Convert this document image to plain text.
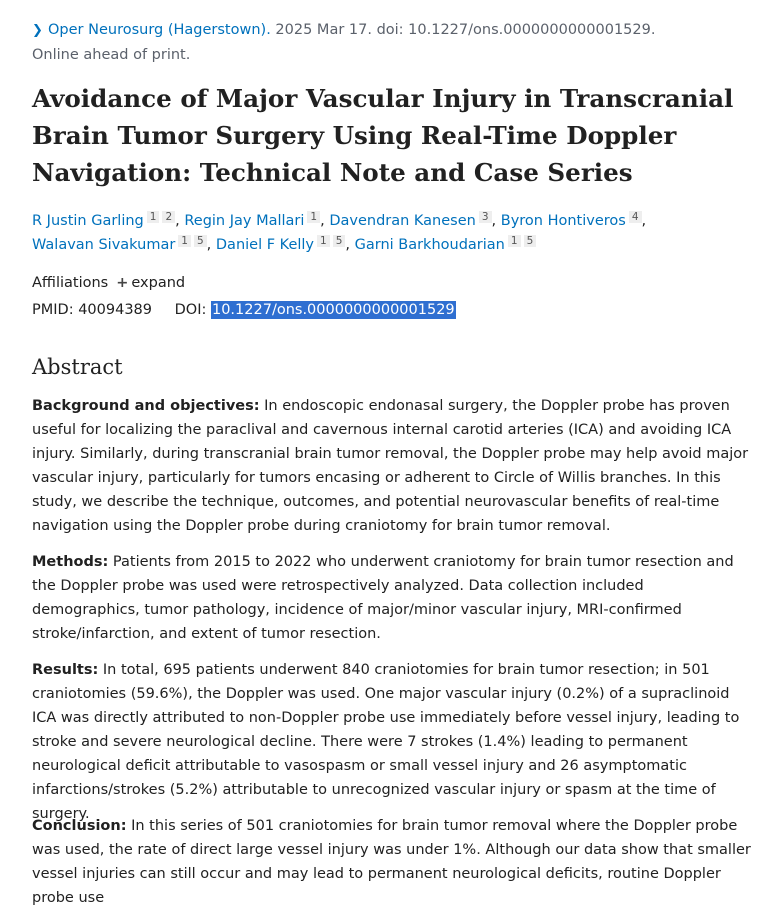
❯ Oper Neurosurg (Hagerstown). 2025 Mar 17. doi: 10.1227/ons.0000000000001529.
Online ahead of print.
Avoidance of Major Vascular Injury in Transcranial Brain Tumor Surgery Using Real-Time Doppler Navigation: Technical Note and Case Series
R Justin Garling $^1$ $^2$ , Regin Jay Mallari $^1$ , Davendran Kanesen $^3$ , Byron Hontiveros $^4$ ,
Walavan Sivakumar $^1$ $^5$ , Daniel F Kelly $^1$ $^5$ , Garni Barkhoudarian $^1$ $^5$
Affiliations + expand
PMID: 40094389 DOI: 10.1227/ons.0000000000001529
Abstract

Background and objectives: In endoscopic endonasal surgery, the Doppler probe has proven useful for localizing the paraclival and cavernous internal carotid arteries (ICA) and avoiding ICA injury. Similarly, during transcranial brain tumor removal, the Doppler probe may help avoid major vascular injury, particularly for tumors encasing or adherent to Circle of Willis branches. In this study, we describe the technique, outcomes, and potential neurovascular benefits of real-time navigation using the Doppler probe during craniotomy for brain tumor removal.

Methods: Patients from 2015 to 2022 who underwent craniotomy for brain tumor resection and the Doppler probe was used were retrospectively analyzed. Data collection included demographics, tumor pathology, incidence of major/minor vascular injury, MRI-confirmed stroke/infarction, and extent of tumor resection.

Results: In total, 695 patients underwent 840 craniotomies for brain tumor resection; in 501 craniotomies (59.6%), the Doppler was used. One major vascular injury (0.2%) of a supraclinoid ICA was directly attributed to non-Doppler probe use immediately before vessel injury, leading to stroke and severe neurological decline. There were 7 strokes (1.4%) leading to permanent neurological deficit attributable to vasospasm or small vessel injury and 26 asymptomatic infarctions/strokes (5.2%) attributable to unrecognized vascular injury or spasm at the time of surgery.

Conclusion: In this series of 501 craniotomies for brain tumor removal where the Doppler probe was used, the rate of direct large vessel injury was under 1%. Although our data show that smaller vessel injuries can still occur and may lead to permanent neurological deficits, routine Doppler probe use
